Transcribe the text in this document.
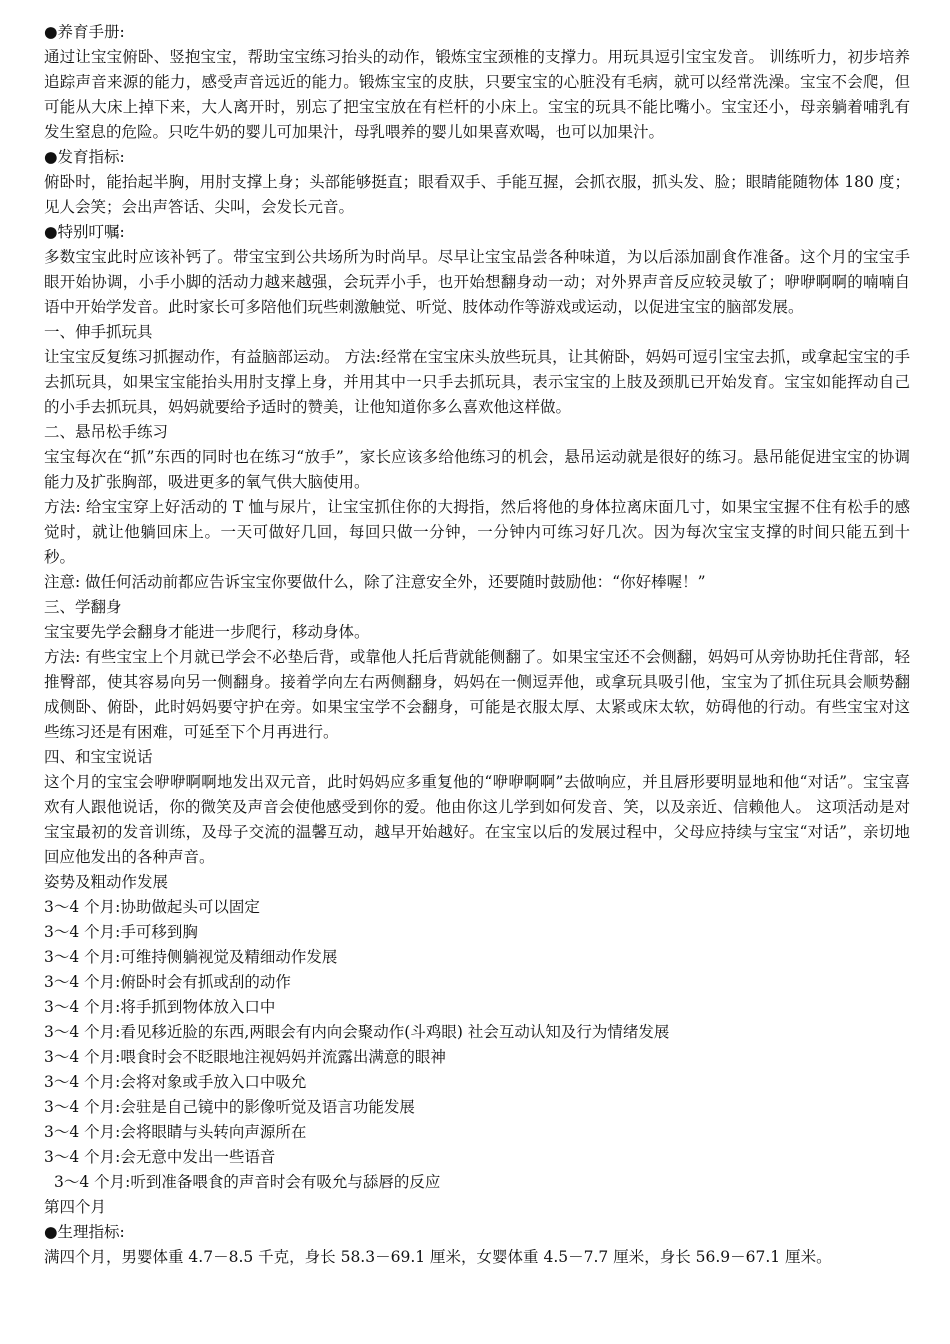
●养育手册:

通过让宝宝俯卧、竖抱宝宝，帮助宝宝练习抬头的动作，锻炼宝宝颈椎的支撑力。用玩具逗引宝宝发音。 训练听力，初步培养追踪声音来源的能力，感受声音远近的能力。锻炼宝宝的皮肤，只要宝宝的心脏没有毛病，就可以经常洗澡。宝宝不会爬，但可能从大床上掉下来，大人离开时，别忘了把宝宝放在有栏杆的小床上。宝宝的玩具不能比嘴小。宝宝还小，母亲躺着哺乳有发生窒息的危险。只吃牛奶的婴儿可加果汁，母乳喂养的婴儿如果喜欢喝，也可以加果汁。

●发育指标:

俯卧时，能抬起半胸，用肘支撑上身；头部能够挺直；眼看双手、手能互握，会抓衣服，抓头发、脸；眼睛能随物体 180 度；见人会笑；会出声答话、尖叫，会发长元音。

●特别叮嘱:

多数宝宝此时应该补钙了。带宝宝到公共场所为时尚早。尽早让宝宝品尝各种味道，为以后添加副食作准备。这个月的宝宝手眼开始协调，小手小脚的活动力越来越强，会玩弄小手，也开始想翻身动一动；对外界声音反应较灵敏了；咿咿啊啊的喃喃自语中开始学发音。此时家长可多陪他们玩些刺激触觉、听觉、肢体动作等游戏或运动，以促进宝宝的脑部发展。

一、伸手抓玩具

让宝宝反复练习抓握动作，有益脑部运动。 方法:经常在宝宝床头放些玩具，让其俯卧，妈妈可逗引宝宝去抓，或拿起宝宝的手去抓玩具，如果宝宝能抬头用肘支撑上身，并用其中一只手去抓玩具，表示宝宝的上肢及颈肌已开始发育。宝宝如能挥动自己的小手去抓玩具，妈妈就要给予适时的赞美，让他知道你多么喜欢他这样做。

二、悬吊松手练习

宝宝每次在“抓”东西的同时也在练习“放手”，家长应该多给他练习的机会，悬吊运动就是很好的练习。悬吊能促进宝宝的协调能力及扩张胸部，吸进更多的氧气供大脑使用。

方法: 给宝宝穿上好活动的 T 恤与尿片，让宝宝抓住你的大拇指，然后将他的身体拉离床面几寸，如果宝宝握不住有松手的感觉时，就让他躺回床上。一天可做好几回，每回只做一分钟，一分钟内可练习好几次。因为每次宝宝支撑的时间只能五到十秒。

注意: 做任何活动前都应告诉宝宝你要做什么，除了注意安全外，还要随时鼓励他：“你好棒喔！”

三、学翻身

宝宝要先学会翻身才能进一步爬行，移动身体。

方法: 有些宝宝上个月就已学会不必垫后背，或靠他人托后背就能侧翻了。如果宝宝还不会侧翻，妈妈可从旁协助托住背部，轻推臀部，使其容易向另一侧翻身。接着学向左右两侧翻身，妈妈在一侧逗弄他，或拿玩具吸引他，宝宝为了抓住玩具会顺势翻成侧卧、俯卧，此时妈妈要守护在旁。如果宝宝学不会翻身，可能是衣服太厚、太紧或床太软，妨碍他的行动。有些宝宝对这些练习还是有困难，可延至下个月再进行。

四、和宝宝说话

这个月的宝宝会咿咿啊啊地发出双元音，此时妈妈应多重复他的“咿咿啊啊”去做响应，并且唇形要明显地和他“对话”。宝宝喜欢有人跟他说话，你的微笑及声音会使他感受到你的爱。他由你这儿学到如何发音、笑，以及亲近、信赖他人。 这项活动是对宝宝最初的发音训练，及母子交流的温馨互动，越早开始越好。在宝宝以后的发展过程中，父母应持续与宝宝“对话”，亲切地回应他发出的各种声音。

姿势及粗动作发展

3～4 个月:协助做起头可以固定

3～4 个月:手可移到胸

3～4 个月:可维持侧躺视觉及精细动作发展

3～4 个月:俯卧时会有抓或刮的动作

3～4 个月:将手抓到物体放入口中

3～4 个月:看见移近脸的东西,两眼会有内向会聚动作(斗鸡眼) 社会互动认知及行为情绪发展

3～4 个月:喂食时会不眨眼地注视妈妈并流露出满意的眼神

3～4 个月:会将对象或手放入口中吸允

3～4 个月:会驻是自己镜中的影像听觉及语言功能发展

3～4 个月:会将眼睛与头转向声源所在

3～4 个月:会无意中发出一些语音

3～4 个月:听到准备喂食的声音时会有吸允与舔唇的反应

第四个月

●生理指标:

满四个月，男婴体重 4.7－8.5 千克，身长 58.3－69.1 厘米，女婴体重 4.5－7.7 厘米，身长 56.9－67.1 厘米。
